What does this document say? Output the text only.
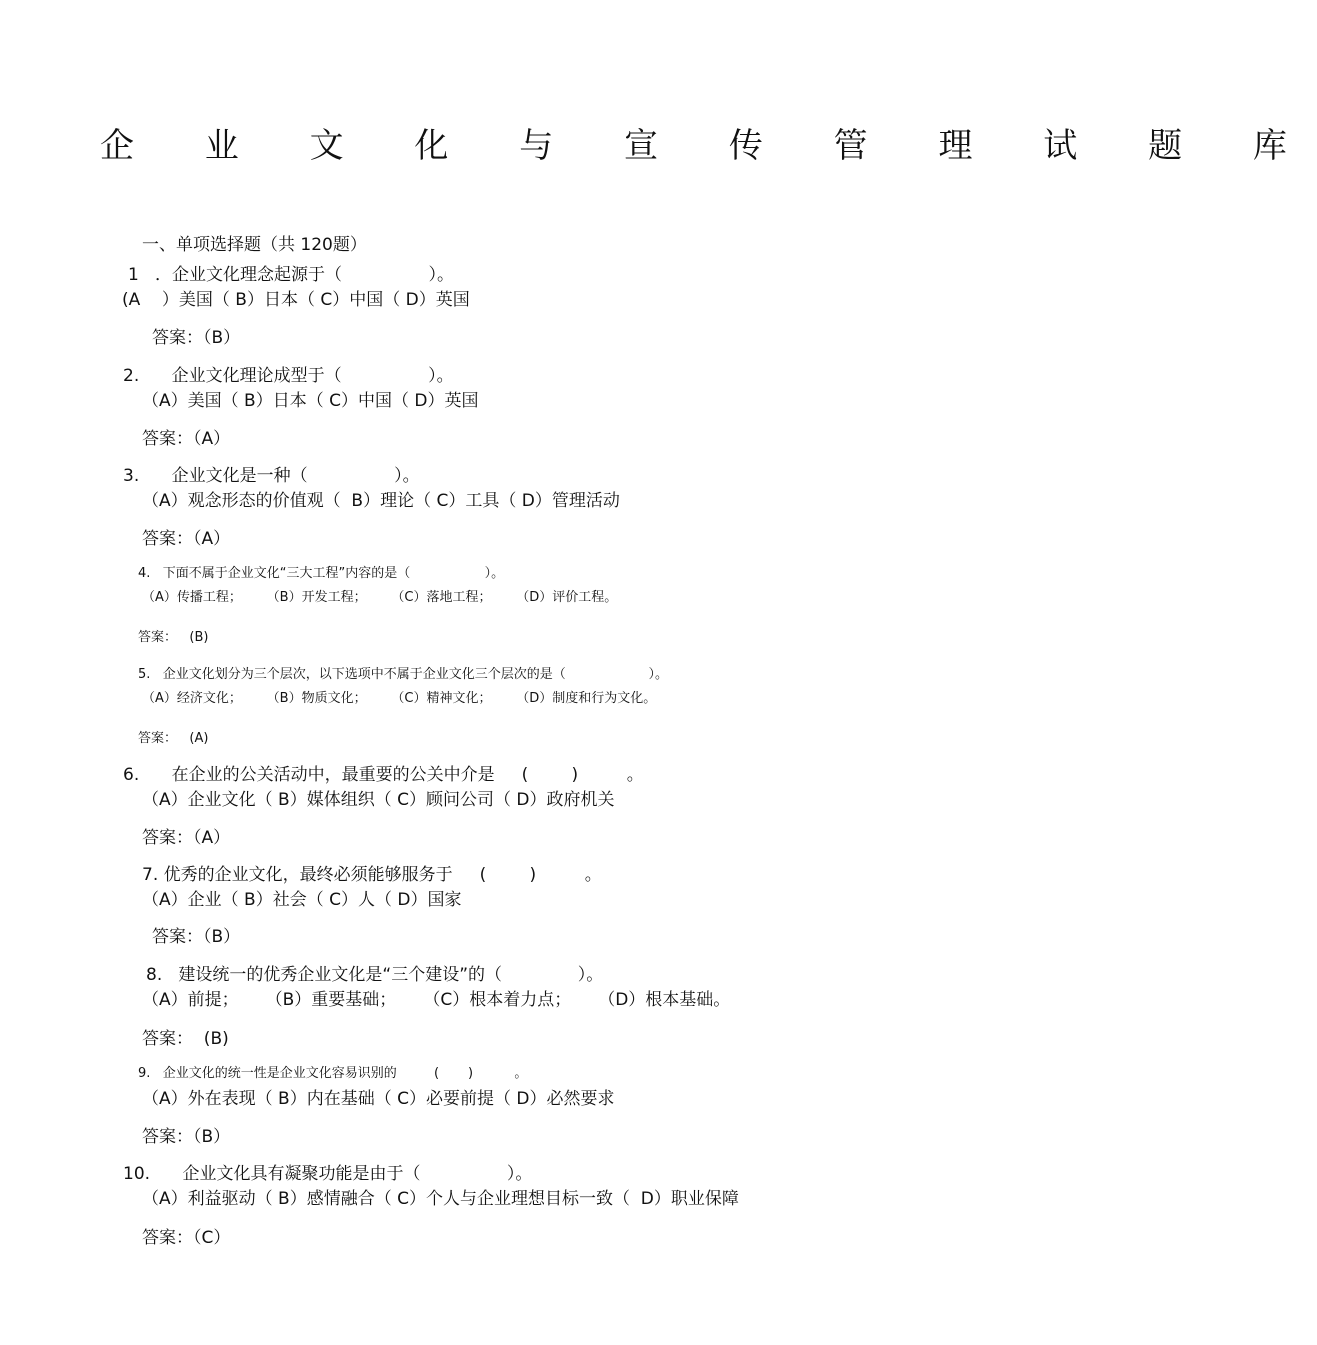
企 业 文 化 与 宣 传 管 理 试 题 库
一、单项选择题（共 120题）
1   ．企业文化理念起源于（                ）。
(A    ）美国（ B）日本（ C）中国（ D）英国
答案：（B）
2.      企业文化理论成型于（                ）。
（A）美国（ B）日本（ C）中国（ D）英国
答案：（A）
3.      企业文化是一种（                ）。
（A）观念形态的价值观（  B）理论（ C）工具（ D）管理活动
答案：（A）
4.   下面不属于企业文化“三大工程”内容的是（                  ）。
（A）传播工程；      （B）开发工程；      （C）落地工程；      （D）评价工程。
答案：   (B)
5.   企业文化划分为三个层次，以下选项中不属于企业文化三个层次的是（                    ）。
（A）经济文化；      （B）物质文化；      （C）精神文化；      （D）制度和行为文化。
答案：   (A)
6.      在企业的公关活动中，最重要的公关中介是     (        )         。
（A）企业文化（ B）媒体组织（ C）顾问公司（ D）政府机关
答案：（A）
7. 优秀的企业文化，最终必须能够服务于     (        )         。
（A）企业（ B）社会（ C）人（ D）国家
答案：（B）
8.   建设统一的优秀企业文化是“三个建设”的（              ）。
（A）前提；     （B）重要基础；     （C）根本着力点；     （D）根本基础。
答案：  (B)
9.   企业文化的统一性是企业文化容易识别的         (       )          。
（A）外在表现（ B）内在基础（ C）必要前提（ D）必然要求
答案：（B）
10.      企业文化具有凝聚功能是由于（                ）。
（A）利益驱动（ B）感情融合（ C）个人与企业理想目标一致（  D）职业保障
答案：（C）
